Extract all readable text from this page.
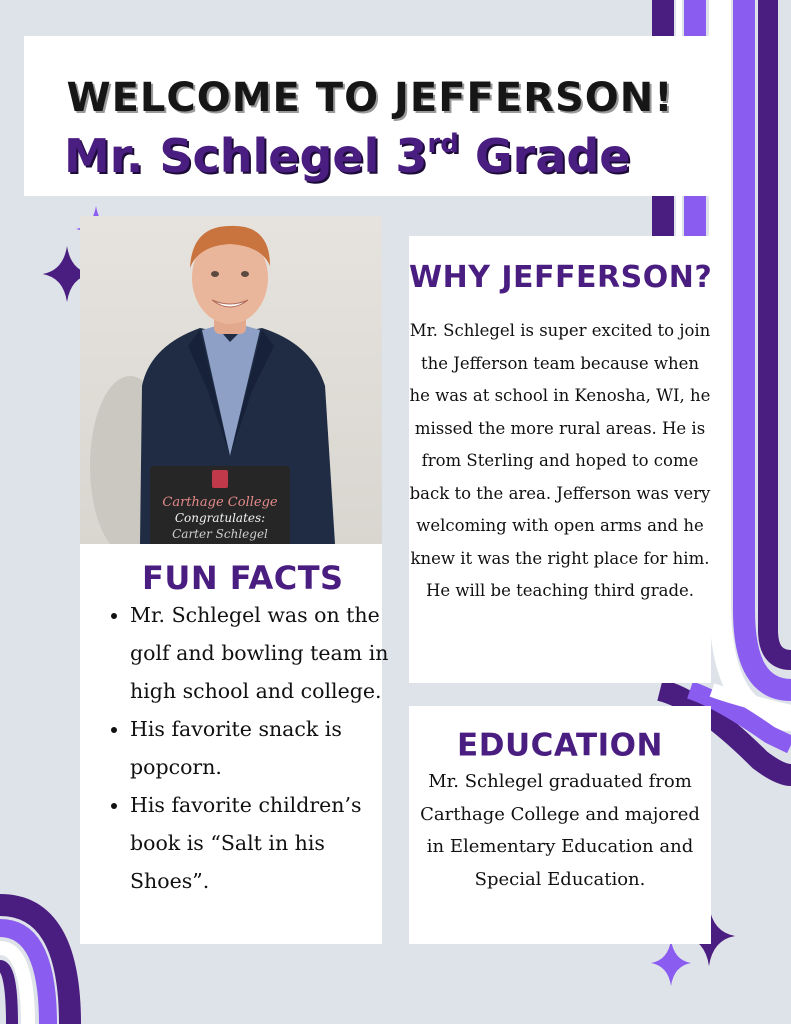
WELCOME TO JEFFERSON!
Mr. Schlegel 3rd Grade
Carthage College
Congratulates:
Carter Schlegel
FUN FACTS
• Mr. Schlegel was on the golf and bowling team in high school and college.
• His favorite snack is popcorn.
• His favorite children’s book is “Salt in his Shoes”.
WHY JEFFERSON?

Mr. Schlegel is super excited to join the Jefferson team because when he was at school in Kenosha, WI, he missed the more rural areas. He is from Sterling and hoped to come back to the area. Jefferson was very welcoming with open arms and he knew it was the right place for him.

He will be teaching third grade.

EDUCATION

Mr. Schlegel graduated from Carthage College and majored in Elementary Education and Special Education.
